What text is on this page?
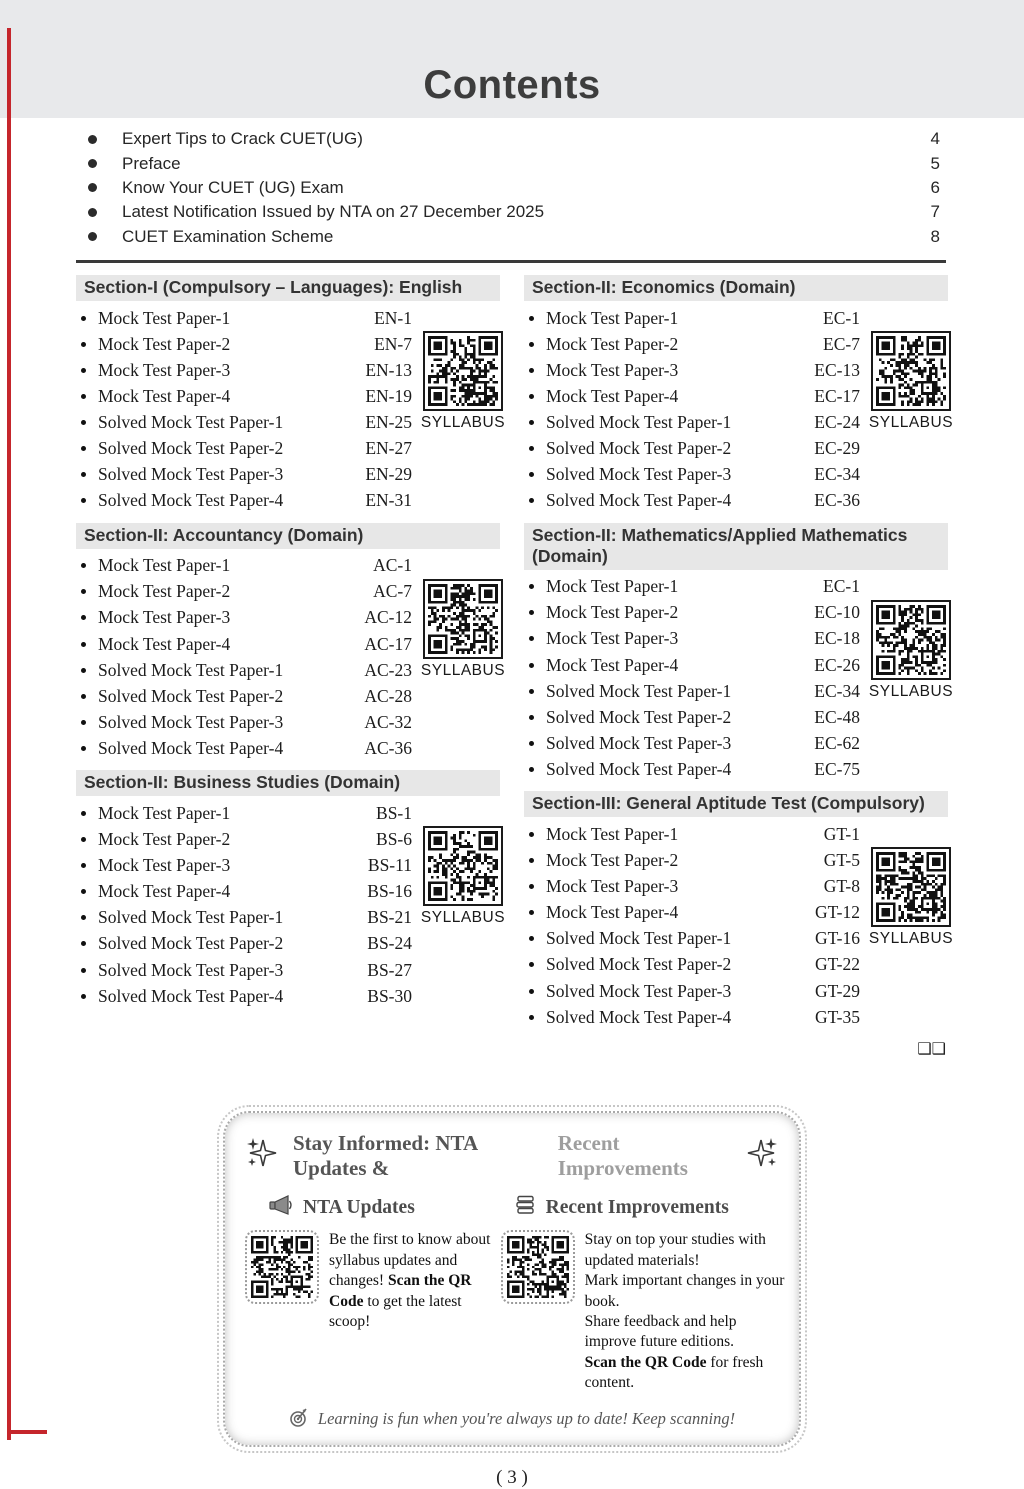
Contents
Expert Tips to Crack CUET(UG)	4
Preface	5
Know Your CUET (UG) Exam	6
Latest Notification Issued by NTA on 27 December 2025	7
CUET Examination Scheme	8
Section-I (Compulsory – Languages): English
Mock Test Paper-1	EN-1
Mock Test Paper-2	EN-7
Mock Test Paper-3	EN-13
Mock Test Paper-4	EN-19
Solved Mock Test Paper-1	EN-25
Solved Mock Test Paper-2	EN-27
Solved Mock Test Paper-3	EN-29
Solved Mock Test Paper-4	EN-31
SYLLABUS
Section-II: Accountancy (Domain)
Mock Test Paper-1	AC-1
Mock Test Paper-2	AC-7
Mock Test Paper-3	AC-12
Mock Test Paper-4	AC-17
Solved Mock Test Paper-1	AC-23
Solved Mock Test Paper-2	AC-28
Solved Mock Test Paper-3	AC-32
Solved Mock Test Paper-4	AC-36
SYLLABUS
Section-II: Business Studies (Domain)
Mock Test Paper-1	BS-1
Mock Test Paper-2	BS-6
Mock Test Paper-3	BS-11
Mock Test Paper-4	BS-16
Solved Mock Test Paper-1	BS-21
Solved Mock Test Paper-2	BS-24
Solved Mock Test Paper-3	BS-27
Solved Mock Test Paper-4	BS-30
SYLLABUS
Section-II: Economics (Domain)
Mock Test Paper-1	EC-1
Mock Test Paper-2	EC-7
Mock Test Paper-3	EC-13
Mock Test Paper-4	EC-17
Solved Mock Test Paper-1	EC-24
Solved Mock Test Paper-2	EC-29
Solved Mock Test Paper-3	EC-34
Solved Mock Test Paper-4	EC-36
SYLLABUS
Section-II: Mathematics/Applied Mathematics (Domain)
Mock Test Paper-1	EC-1
Mock Test Paper-2	EC-10
Mock Test Paper-3	EC-18
Mock Test Paper-4	EC-26
Solved Mock Test Paper-1	EC-34
Solved Mock Test Paper-2	EC-48
Solved Mock Test Paper-3	EC-62
Solved Mock Test Paper-4	EC-75
SYLLABUS
Section-III: General Aptitude Test (Compulsory)
Mock Test Paper-1	GT-1
Mock Test Paper-2	GT-5
Mock Test Paper-3	GT-8
Mock Test Paper-4	GT-12
Solved Mock Test Paper-1	GT-16
Solved Mock Test Paper-2	GT-22
Solved Mock Test Paper-3	GT-29
Solved Mock Test Paper-4	GT-35
SYLLABUS
❑❑
Stay Informed: NTA Updates &
Recent Improvements
NTA Updates
Be the first to know about syllabus updates and changes! Scan the QR Code to get the latest scoop!
Recent Improvements
Stay on top your studies with updated materials!
Mark important changes in your book.
Share feedback and help improve future editions.
Scan the QR Code for fresh content.
Learning is fun when you're always up to date! Keep scanning!
( 3 )
